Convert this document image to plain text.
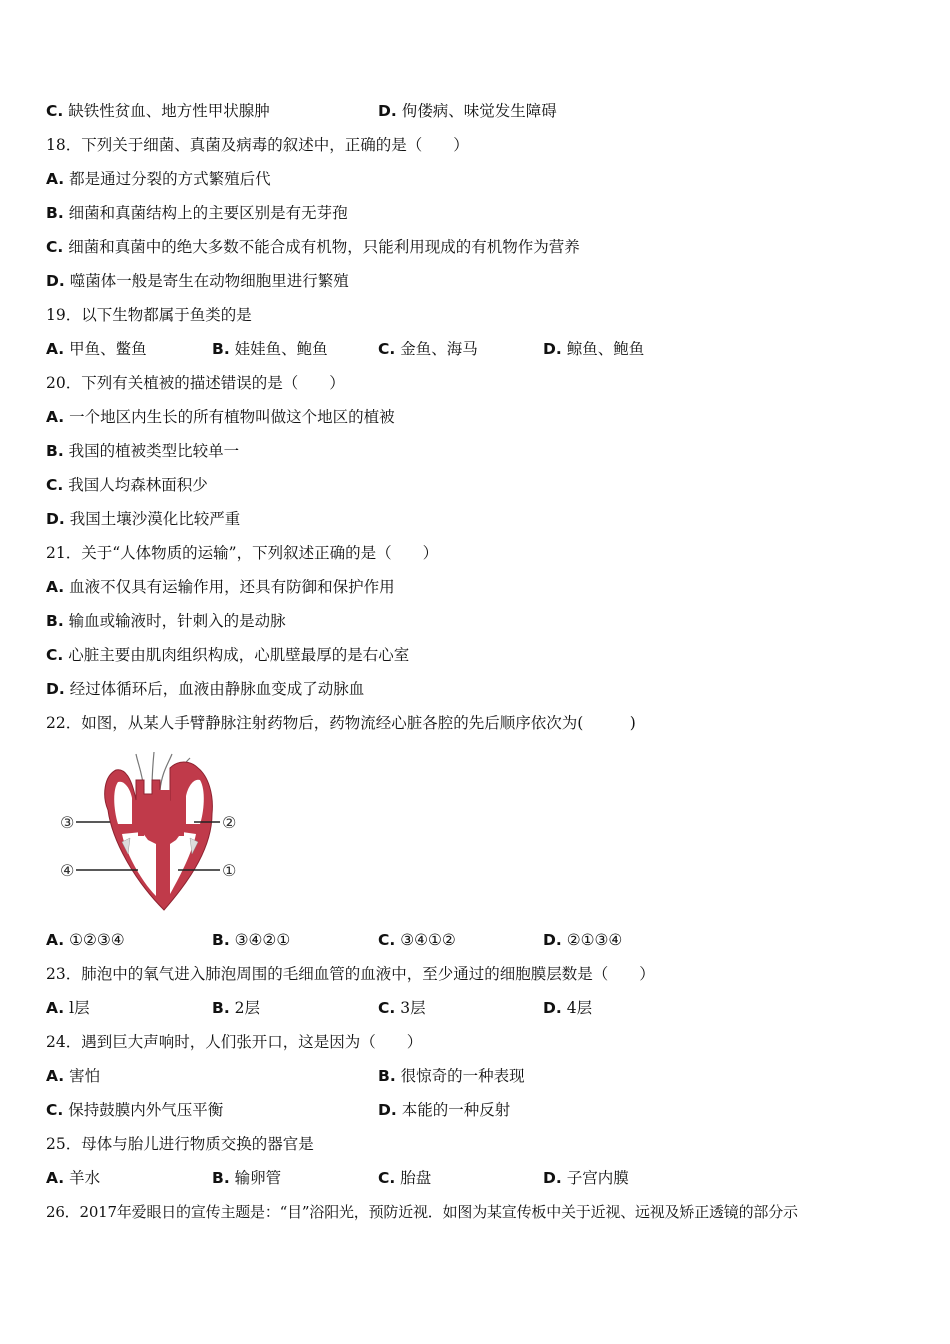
C. 缺铁性贫血、地方性甲状腺肿	D. 佝偻病、味觉发生障碍
18．下列关于细菌、真菌及病毒的叙述中，正确的是（　　）
A. 都是通过分裂的方式繁殖后代
B. 细菌和真菌结构上的主要区别是有无芽孢
C. 细菌和真菌中的绝大多数不能合成有机物，只能利用现成的有机物作为营养
D. 噬菌体一般是寄生在动物细胞里进行繁殖
19．以下生物都属于鱼类的是
A. 甲鱼、鳖鱼	B. 娃娃鱼、鲍鱼	C. 金鱼、海马	D. 鲸鱼、鲍鱼
20．下列有关植被的描述错误的是（　　）
A. 一个地区内生长的所有植物叫做这个地区的植被
B. 我国的植被类型比较单一
C. 我国人均森林面积少
D. 我国土壤沙漠化比较严重
21．关于“人体物质的运输”，下列叙述正确的是（　　）
A. 血液不仅具有运输作用，还具有防御和保护作用
B. 输血或输液时，针刺入的是动脉
C. 心脏主要由肌肉组织构成，心肌壁最厚的是右心室
D. 经过体循环后，血液由静脉血变成了动脉血
22．如图，从某人手臂静脉注射药物后，药物流经心脏各腔的先后顺序依次为(　　　)
③	②
④	①
A. ①②③④	B. ③④②①	C. ③④①②	D. ②①③④
23．肺泡中的氧气进入肺泡周围的毛细血管的血液中，至少通过的细胞膜层数是（　　）
A. l层	B. 2层	C. 3层	D. 4层
24．遇到巨大声响时，人们张开口，这是因为（　　）
A. 害怕	B. 很惊奇的一种表现
C. 保持鼓膜内外气压平衡	D. 本能的一种反射
25．母体与胎儿进行物质交换的器官是
A. 羊水	B. 输卵管	C. 胎盘	D. 子宫内膜
26．2017年爱眼日的宣传主题是：“目”浴阳光，预防近视．如图为某宣传板中关于近视、远视及矫正透镜的部分示
